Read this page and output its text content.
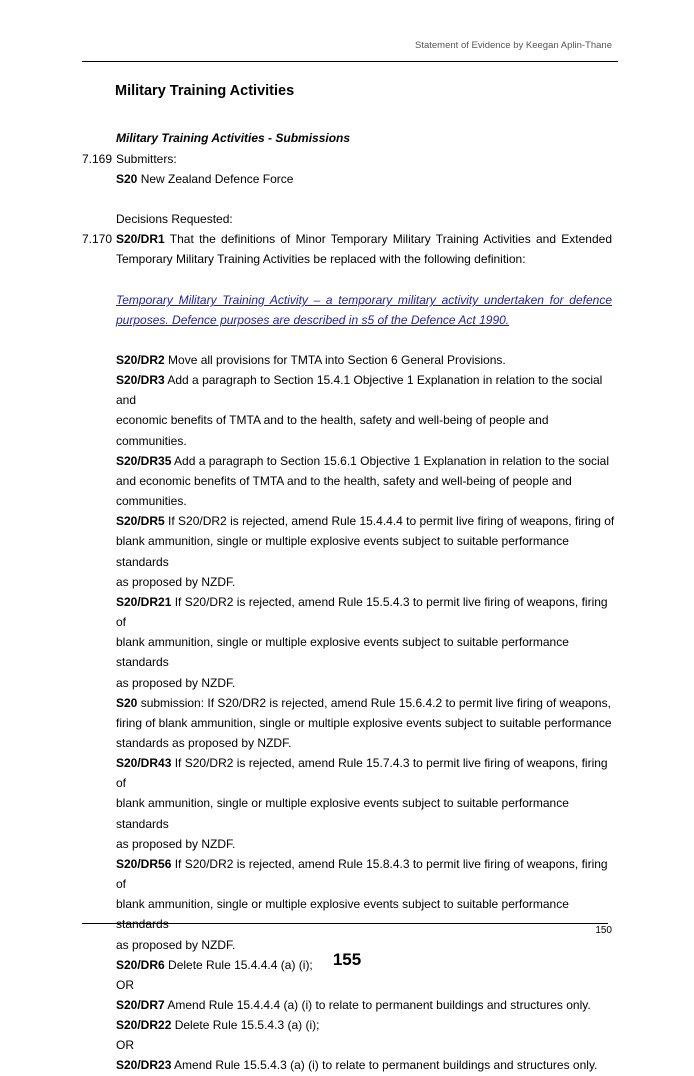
Statement of Evidence by Keegan Aplin-Thane
Military Training Activities
Military Training Activities - Submissions
7.169 Submitters:
S20 New Zealand Defence Force
Decisions Requested:
7.170 S20/DR1 That the definitions of Minor Temporary Military Training Activities and Extended Temporary Military Training Activities be replaced with the following definition:
Temporary Military Training Activity – a temporary military activity undertaken for defence purposes. Defence purposes are described in s5 of the Defence Act 1990.
S20/DR2 Move all provisions for TMTA into Section 6 General Provisions.
S20/DR3 Add a paragraph to Section 15.4.1 Objective 1 Explanation in relation to the social and
economic benefits of TMTA and to the health, safety and well-being of people and communities.
S20/DR35 Add a paragraph to Section 15.6.1 Objective 1 Explanation in relation to the social
and economic benefits of TMTA and to the health, safety and well-being of people and
communities.
S20/DR5 If S20/DR2 is rejected, amend Rule 15.4.4.4 to permit live firing of weapons, firing of
blank ammunition, single or multiple explosive events subject to suitable performance standards
as proposed by NZDF.
S20/DR21 If S20/DR2 is rejected, amend Rule 15.5.4.3 to permit live firing of weapons, firing of
blank ammunition, single or multiple explosive events subject to suitable performance standards
as proposed by NZDF.
S20 submission: If S20/DR2 is rejected, amend Rule 15.6.4.2 to permit live firing of weapons,
firing of blank ammunition, single or multiple explosive events subject to suitable performance
standards as proposed by NZDF.
S20/DR43 If S20/DR2 is rejected, amend Rule 15.7.4.3 to permit live firing of weapons, firing of
blank ammunition, single or multiple explosive events subject to suitable performance standards
as proposed by NZDF.
S20/DR56 If S20/DR2 is rejected, amend Rule 15.8.4.3 to permit live firing of weapons, firing of
blank ammunition, single or multiple explosive events subject to suitable performance standards
as proposed by NZDF.
S20/DR6 Delete Rule 15.4.4.4 (a) (i);
OR
S20/DR7 Amend Rule 15.4.4.4 (a) (i) to relate to permanent buildings and structures only.
S20/DR22 Delete Rule 15.5.4.3 (a) (i);
OR
S20/DR23 Amend Rule 15.5.4.3 (a) (i) to relate to permanent buildings and structures only.
150
155
